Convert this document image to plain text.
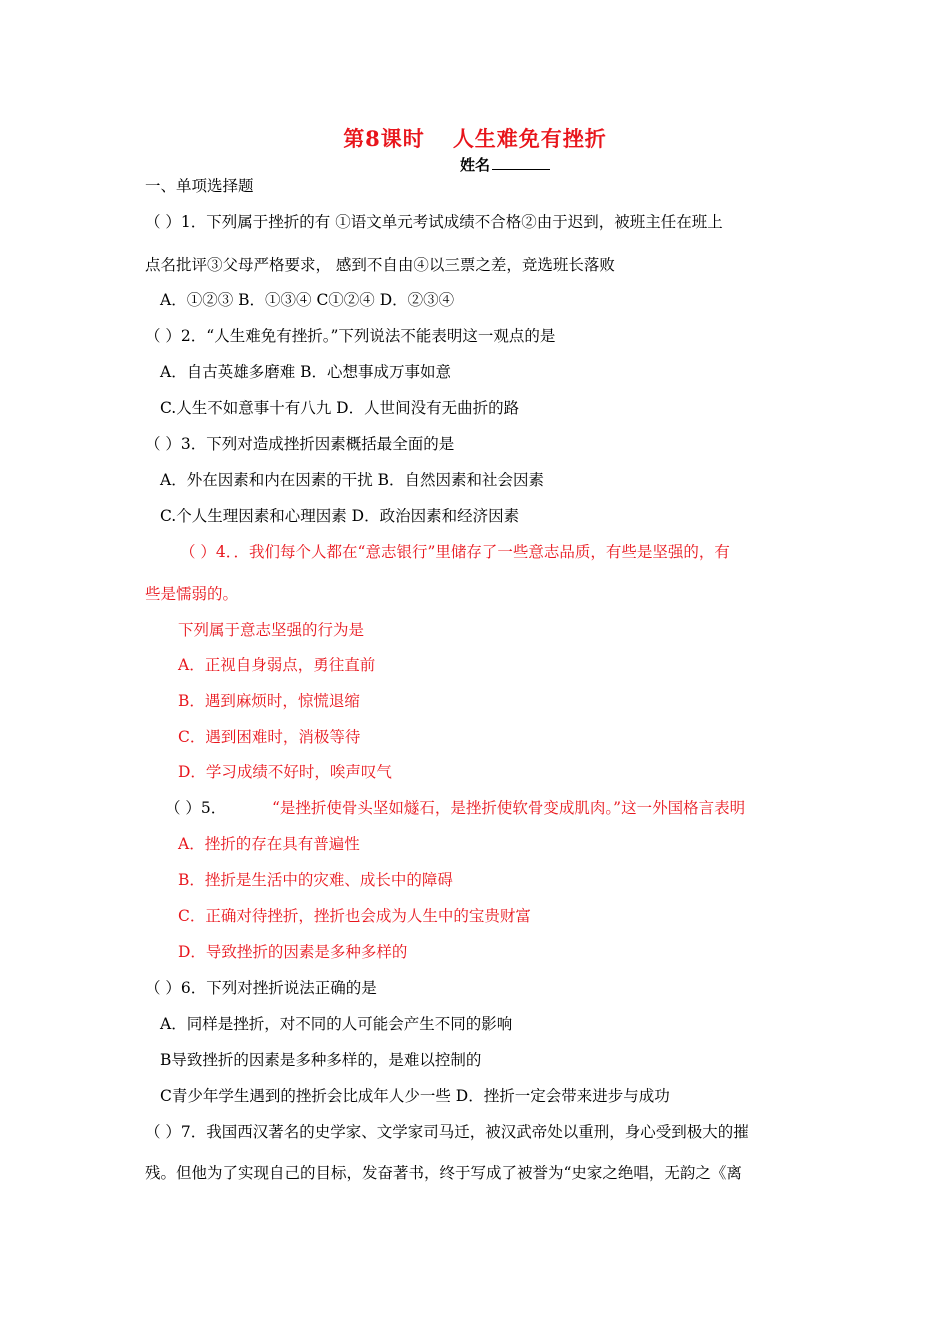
第8课时 人生难免有挫折
姓名
一、单项选择题
（ ）1．下列属于挫折的有 ①语文单元考试成绩不合格②由于迟到，被班主任在班上
点名批评③父母严格要求， 感到不自由④以三票之差，竞选班长落败
A．①②③ B．①③④ C①②④ D．②③④
（ ）2．“人生难免有挫折。”下列说法不能表明这一观点的是
A．自古英雄多磨难 B．心想事成万事如意
C.人生不如意事十有八九 D．人世间没有无曲折的路
（ ）3．下列对造成挫折因素概括最全面的是
A．外在因素和内在因素的干扰 B．自然因素和社会因素
C.个人生理因素和心理因素 D．政治因素和经济因素
（ ）4．．我们每个人都在“意志银行”里储存了一些意志品质，有些是坚强的，有
些是懦弱的。
下列属于意志坚强的行为是
A．正视自身弱点，勇往直前
B．遇到麻烦时，惊慌退缩
C．遇到困难时，消极等待
D．学习成绩不好时，唉声叹气
（ ）5．	“是挫折使骨头坚如燧石，是挫折使软骨变成肌肉。”这一外国格言表明
A．挫折的存在具有普遍性
B．挫折是生活中的灾难、成长中的障碍
C．正确对待挫折，挫折也会成为人生中的宝贵财富
D．导致挫折的因素是多种多样的
（ ）6．下列对挫折说法正确的是
A．同样是挫折，对不同的人可能会产生不同的影响
B导致挫折的因素是多种多样的，是难以控制的
C青少年学生遇到的挫折会比成年人少一些 D．挫折一定会带来进步与成功
（ ）7．我国西汉著名的史学家、文学家司马迁，被汉武帝处以重刑，身心受到极大的摧
残。但他为了实现自己的目标，发奋著书，终于写成了被誉为“史家之绝唱，无韵之《离
